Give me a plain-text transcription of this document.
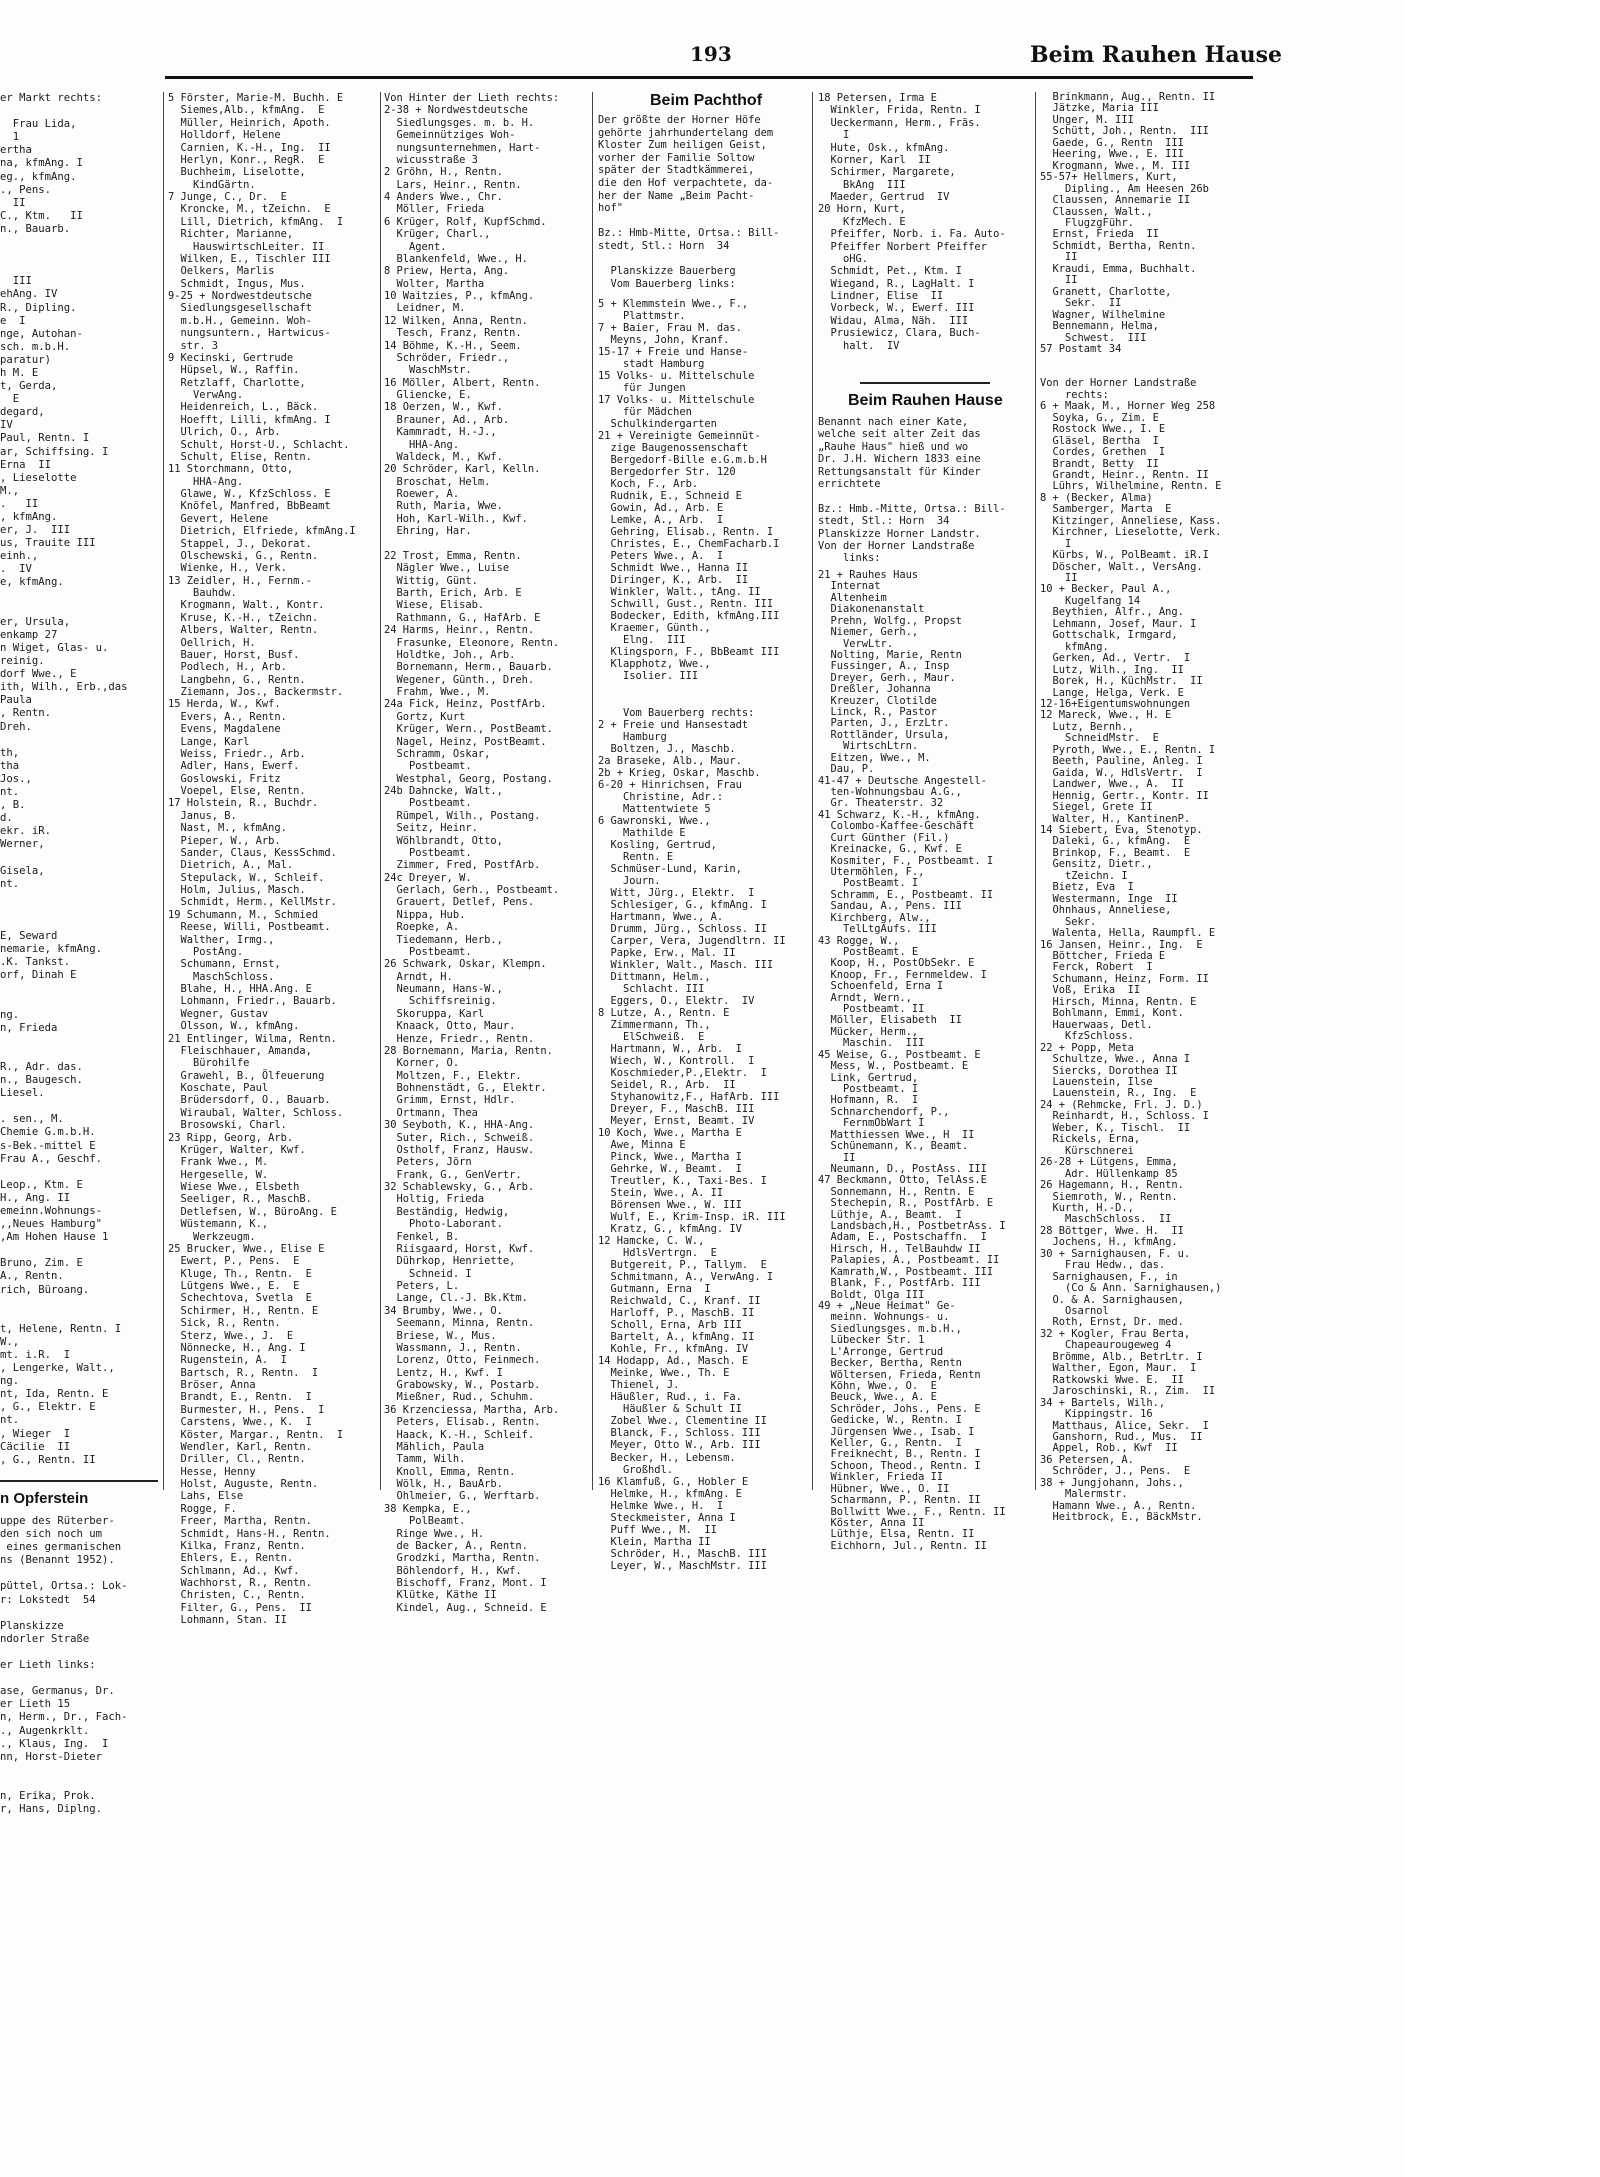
193	Beim Rauhen Hause
er Markt rechts:

Frau Lida,
1
ertha
na, kfmAng. I
eg., kfmAng.
., Pens.
II
C., Ktm.   II
n., Bauarb.

III
ehAng. IV
R., Dipling.
e  I
nge, Autohan-
sch. m.b.H.
paratur)
h M. E
t, Gerda,
E
degard,
IV
Paul, Rentn. I
ar, Schiffsing. I
Erna  II
, Lieselotte
M.,
.   II
, kfmAng.
er, J.  III
us, Trauite III
einh.,
.  IV
e, kfmAng.

er, Ursula,
enkamp 27
n Wiget, Glas- u.
reinig.
dorf Wwe., E
ith, Wilh., Erb.,das
Paula
, Rentn.
Dreh.

th,
tha
Jos.,
nt.
, B.
d.
ekr. iR.
Werner,

Gisela,
nt.

E, Seward
nemarie, kfmAng.
.K. Tankst.
orf, Dinah E

ng.
n, Frieda

R., Adr. das.
n., Baugesch.
Liesel.

. sen., M.
Chemie G.m.b.H.
s-Bek.-mittel E
Frau A., Geschf.

Leop., Ktm. E
H., Ang. II
emeinn.Wohnungs-
,,Neues Hamburg"
,Am Hohen Hause 1

Bruno, Zim. E
A., Rentn.
rich, Büroang.

t, Helene, Rentn. I
W.,
mt. i.R.  I
, Lengerke, Walt.,
ng.
nt, Ida, Rentn. E
, G., Elektr. E
nt.
, Wieger  I
Cäcilie  II
, G., Rentn. II
n Opferstein
uppe des Rüterber-
den sich noch um
eines germanischen
ns (Benannt 1952).

püttel, Ortsa.: Lok-
r: Lokstedt  54

Planskizze
ndorler Straße

er Lieth links:

ase, Germanus, Dr.
er Lieth 15
n, Herm., Dr., Fach-
., Augenkrklt.
., Klaus, Ing.  I
nn, Horst-Dieter

n, Erika, Prok.
r, Hans, Diplng.
5 Förster, Marie-M. Buchh. E
Siemes,Alb., kfmAng.  E
Müller, Heinrich, Apoth.
Holldorf, Helene
Carnien, K.-H., Ing.  II
Herlyn, Konr., RegR.  E
Buchheim, Liselotte,
KindGärtn.
7 Junge, C., Dr.  E
Kroncke, M., tZeichn.  E
Lill, Dietrich, kfmAng.  I
Richter, Marianne,
HauswirtschLeiter. II
Wilken, E., Tischler III
Oelkers, Marlis
Schmidt, Ingus, Mus.
9-25 + Nordwestdeutsche
Siedlungsgesellschaft
m.b.H., Gemeinn. Woh-
nungsuntern., Hartwicus-
str. 3
9 Kecinski, Gertrude
Hüpsel, W., Raffin.
Retzlaff, Charlotte,
VerwAng.
Heidenreich, L., Bäck.
Hoefft, Lilli, kfmAng. I
Ulrich, O., Arb.
Schult, Horst-U., Schlacht.
Schult, Elise, Rentn.
11 Storchmann, Otto,
HHA-Ang.
Glawe, W., KfzSchloss. E
Knöfel, Manfred, BbBeamt
Gevert, Helene
Dietrich, Elfriede, kfmAng.I
Stappel, J., Dekorat.
Olschewski, G., Rentn.
Wienke, H., Verk.
13 Zeidler, H., Fernm.-
Bauhdw.
Krogmann, Walt., Kontr.
Kruse, K.-H., tZeichn.
Albers, Walter, Rentn.
Oellrich, H.
Bauer, Horst, Busf.
Podlech, H., Arb.
Langbehn, G., Rentn.
Ziemann, Jos., Backermstr.
15 Herda, W., Kwf.
Evers, A., Rentn.
Evens, Magdalene
Lange, Karl
Weiss, Friedr., Arb.
Adler, Hans, Ewerf.
Goslowski, Fritz
Voepel, Else, Rentn.
17 Holstein, R., Buchdr.
Janus, B.
Nast, M., kfmAng.
Pieper, W., Arb.
Sander, Claus, KessSchmd.
Dietrich, A., Mal.
Stepulack, W., Schleif.
Holm, Julius, Masch.
Schmidt, Herm., KellMstr.
19 Schumann, M., Schmied
Reese, Willi, Postbeamt.
Walther, Irmg.,
PostAng.
Schumann, Ernst,
MaschSchloss.
Blahe, H., HHA.Ang. E
Lohmann, Friedr., Bauarb.
Wegner, Gustav
Olsson, W., kfmAng.
21 Entlinger, Wilma, Rentn.
Fleischhauer, Amanda,
Bürohilfe
Grawehl, B., Ölfeuerung
Koschate, Paul
Brüdersdorf, O., Bauarb.
Wiraubal, Walter, Schloss.
Brosowski, Charl.
23 Ripp, Georg, Arb.
Krüger, Walter, Kwf.
Frank Wwe., M.
Hergeselle, W.
Wiese Wwe., Elsbeth
Seeliger, R., MaschB.
Detlefsen, W., BüroAng. E
Wüstemann, K.,
Werkzeugm.
25 Brucker, Wwe., Elise E
Ewert, P., Pens.  E
Kluge, Th., Rentn.  E
Lütgens Wwe., E.  E
Schechtova, Svetla  E
Schirmer, H., Rentn. E
Sick, R., Rentn.
Sterz, Wwe., J.  E
Nönnecke, H., Ang. I
Rugenstein, A.  I
Bartsch, R., Rentn.  I
Bröser, Anna
Brandt, E., Rentn.  I
Burmester, H., Pens.  I
Carstens, Wwe., K.  I
Köster, Margar., Rentn.  I
Wendler, Karl, Rentn.
Driller, Cl., Rentn.
Hesse, Henny
Holst, Auguste, Rentn.
Lahs, Else
Rogge, F.
Freer, Martha, Rentn.
Schmidt, Hans-H., Rentn.
Kilka, Franz, Rentn.
Ehlers, E., Rentn.
Schlmann, Ad., Kwf.
Wachhorst, R., Rentn.
Christen, C., Rentn.
Filter, G., Pens.  II
Lohmann, Stan. II
Von Hinter der Lieth rechts:
2-38 + Nordwestdeutsche
Siedlungsges. m. b. H.
Gemeinnütziges Woh-
nungsunternehmen, Hart-
wicusstraße 3
2 Gröhn, H., Rentn.
Lars, Heinr., Rentn.
4 Anders Wwe., Chr.
Möller, Frieda
6 Krüger, Rolf, KupfSchmd.
Krüger, Charl.,
Agent.
Blankenfeld, Wwe., H.
8 Priew, Herta, Ang.
Wolter, Martha
10 Waitzies, P., kfmAng.
Leidner, M.
12 Wilken, Anna, Rentn.
Tesch, Franz, Rentn.
14 Böhme, K.-H., Seem.
Schröder, Friedr.,
WaschMstr.
16 Möller, Albert, Rentn.
Gliencke, E.
18 Oerzen, W., Kwf.
Brauner, Ad., Arb.
Kammradt, H.-J.,
HHA-Ang.
Waldeck, M., Kwf.
20 Schröder, Karl, Kelln.
Broschat, Helm.
Roewer, A.
Ruth, Maria, Wwe.
Hoh, Karl-Wilh., Kwf.
Ehring, Har.

22 Trost, Emma, Rentn.
Nägler Wwe., Luise
Wittig, Günt.
Barth, Erich, Arb. E
Wiese, Elisab.
Rathmann, G., HafArb. E
24 Harms, Heinr., Rentn.
Frasunke, Eleonore, Rentn.
Holdtke, Joh., Arb.
Bornemann, Herm., Bauarb.
Wegener, Günth., Dreh.
Frahm, Wwe., M.
24a Fick, Heinz, PostfArb.
Gortz, Kurt
Krüger, Wern., PostBeamt.
Nagel, Heinz, PostBeamt.
Schramm, Oskar,
Postbeamt.
Westphal, Georg, Postang.
24b Dahncke, Walt.,
Postbeamt.
Rümpel, Wilh., Postang.
Seitz, Heinr.
Wöhlbrandt, Otto,
Postbeamt.
Zimmer, Fred, PostfArb.
24c Dreyer, W.
Gerlach, Gerh., Postbeamt.
Grauert, Detlef, Pens.
Nippa, Hub.
Roepke, A.
Tiedemann, Herb.,
Postbeamt.
26 Schwark, Oskar, Klempn.
Arndt, H.
Neumann, Hans-W.,
Schiffsreinig.
Skoruppa, Karl
Knaack, Otto, Maur.
Henze, Friedr., Rentn.
28 Bornemann, Maria, Rentn.
Korner, O.
Moltzen, F., Elektr.
Bohnenstädt, G., Elektr.
Grimm, Ernst, Hdlr.
Ortmann, Thea
30 Seyboth, K., HHA-Ang.
Suter, Rich., Schweiß.
Ostholf, Franz, Hausw.
Peters, Jörn
Frank, G., GenVertr.
32 Schablewsky, G., Arb.
Holtig, Frieda
Beständig, Hedwig,
Photo-Laborant.
Fenkel, B.
Riisgaard, Horst, Kwf.
Dührkop, Henriette,
Schneid. I
Peters, L.
Lange, Cl.-J. Bk.Ktm.
34 Brumby, Wwe., O.
Seemann, Minna, Rentn.
Briese, W., Mus.
Wassmann, J., Rentn.
Lorenz, Otto, Feinmech.
Lentz, H., Kwf. I
Grabowsky, W., Postarb.
Mießner, Rud., Schuhm.
36 Krzenciessa, Martha, Arb.
Peters, Elisab., Rentn.
Haack, K.-H., Schleif.
Mählich, Paula
Tamm, Wilh.
Knoll, Emma, Rentn.
Wölk, H., BauArb.
Ohlmeier, G., Werftarb.
38 Kempka, E.,
PolBeamt.
Ringe Wwe., H.
de Backer, A., Rentn.
Grodzki, Martha, Rentn.
Böhlendorf, H., Kwf.
Bischoff, Franz, Mont. I
Klütke, Käthe II
Kindel, Aug., Schneid. E
Beim Pachthof
Der größte der Horner Höfe
gehörte jahrhundertelang dem
Kloster Zum heiligen Geist,
vorher der Familie Soltow
später der Stadtkämmerei,
die den Hof verpachtete, da-
her der Name „Beim Pacht-
hof"

Bz.: Hmb-Mitte, Ortsa.: Bill-
stedt, Stl.: Horn  34

Planskizze Bauerberg
Vom Bauerberg links:
5 + Klemmstein Wwe., F.,
Plattmstr.
7 + Baier, Frau M. das.
Meyns, John, Kranf.
15-17 + Freie und Hanse-
stadt Hamburg
15 Volks- u. Mittelschule
für Jungen
17 Volks- u. Mittelschule
für Mädchen
Schulkindergarten
21 + Vereinigte Gemeinnüt-
zige Baugenossenschaft
Bergedorf-Bille e.G.m.b.H
Bergedorfer Str. 120
Koch, F., Arb.
Rudnik, E., Schneid E
Gowin, Ad., Arb. E
Lemke, A., Arb.  I
Gehring, Elisab., Rentn. I
Christes, E., ChemFacharb.I
Peters Wwe., A.  I
Schmidt Wwe., Hanna II
Diringer, K., Arb.  II
Winkler, Walt., tAng. II
Schwill, Gust., Rentn. III
Bodecker, Edith, kfmAng.III
Kraemer, Günth.,
Elng.  III
Klingsporn, F., BbBeamt III
Klapphotz, Wwe.,
Isolier. III

Vom Bauerberg rechts:
2 + Freie und Hansestadt
Hamburg
Boltzen, J., Maschb.
2a Braseke, Alb., Maur.
2b + Krieg, Oskar, Maschb.
6-20 + Hinrichsen, Frau
Christine, Adr.:
Mattentwiete 5
6 Gawronski, Wwe.,
Mathilde E
Kosling, Gertrud,
Rentn. E
Schmüser-Lund, Karin,
Journ.
Witt, Jürg., Elektr.  I
Schlesiger, G., kfmAng. I
Hartmann, Wwe., A.
Drumm, Jürg., Schloss. II
Carper, Vera, Jugendltrn. II
Papke, Erw., Mal. II
Winkler, Walt., Masch. III
Dittmann, Helm.,
Schlacht. III
Eggers, O., Elektr.  IV
8 Lutze, A., Rentn. E
Zimmermann, Th.,
ElSchweiß.  E
Hartmann, W., Arb.  I
Wiech, W., Kontroll.  I
Koschmieder,P.,Elektr.  I
Seidel, R., Arb.  II
Styhanowitz,F., HafArb. III
Dreyer, F., MaschB. III
Meyer, Ernst, Beamt. IV
10 Koch, Wwe., Martha E
Awe, Minna E
Pinck, Wwe., Martha I
Gehrke, W., Beamt.  I
Treutler, K., Taxi-Bes. I
Stein, Wwe., A. II
Börensen Wwe., W. III
Wulf, E., Krim-Insp. iR. III
Kratz, G., kfmAng. IV
12 Hamcke, C. W.,
HdlsVertrgn.  E
Butgereit, P., Tallym.  E
Schmitmann, A., VerwAng. I
Gutmann, Erna  I
Reichwald, C., Kranf. II
Harloff, P., MaschB. II
Scholl, Erna, Arb III
Bartelt, A., kfmAng. II
Kohle, Fr., kfmAng. IV
14 Hodapp, Ad., Masch. E
Meinke, Wwe., Th. E
Thienel, J.
Häußler, Rud., i. Fa.
Häußler & Schult II
Zobel Wwe., Clementine II
Blanck, F., Schloss. III
Meyer, Otto W., Arb. III
Becker, H., Lebensm.
Großhdl.
16 Klamfuß, G., Hobler E
Helmke, H., kfmAng. E
Helmke Wwe., H.  I
Steckmeister, Anna I
Puff Wwe., M.  II
Klein, Martha II
Schröder, H., MaschB. III
Leyer, W., MaschMstr. III
18 Petersen, Irma E
Winkler, Frida, Rentn. I
Ueckermann, Herm., Fräs.
I
Hute, Osk., kfmAng.
Korner, Karl  II
Schirmer, Margarete,
BkAng  III
Maeder, Gertrud  IV
20 Horn, Kurt,
KfzMech. E
Pfeiffer, Norb. i. Fa. Auto-
Pfeiffer Norbert Pfeiffer
oHG.
Schmidt, Pet., Ktm. I
Wiegand, R., LagHalt. I
Lindner, Elise  II
Vorbeck, W., Ewerf. III
Widau, Alma, Näh.  III
Prusiewicz, Clara, Buch-
halt.  IV
Beim Rauhen Hause
Benannt nach einer Kate,
welche seit alter Zeit das
„Rauhe Haus" hieß und wo
Dr. J.H. Wichern 1833 eine
Rettungsanstalt für Kinder
errichtete

Bz.: Hmb.-Mitte, Ortsa.: Bill-
stedt, Stl.: Horn  34
Planskizze Horner Landstr.
Von der Horner Landstraße
links:
21 + Rauhes Haus
Internat
Altenheim
Diakonenanstalt
Prehn, Wolfg., Propst
Niemer, Gerh.,
VerwLtr.
Nolting, Marie, Rentn
Fussinger, A., Insp
Dreyer, Gerh., Maur.
Dreßler, Johanna
Kreuzer, Clotilde
Linck, R., Pastor
Parten, J., ErzLtr.
Rottländer, Ursula,
WirtschLtrn.
Eitzen, Wwe., M.
Dau, P.
41-47 + Deutsche Angestell-
ten-Wohnungsbau A.G.,
Gr. Theaterstr. 32
41 Schwarz, K.-H., kfmAng.
Colombo-Kaffee-Geschäft
Curt Günther (Fil.)
Kreinacke, G., Kwf. E
Kosmiter, F., Postbeamt. I
Utermöhlen, F.,
PostBeamt. I
Schramm, E., Postbeamt. II
Sandau, A., Pens. III
Kirchberg, Alw.,
TelLtgAufs. III
43 Rogge, W.,
PostBeamt. E
Koop, H., PostObSekr. E
Knoop, Fr., Fernmeldew. I
Schoenfeld, Erna I
Arndt, Wern.,
Postbeamt. II
Möller, Elisabeth  II
Mücker, Herm.,
Maschin.  III
45 Weise, G., Postbeamt. E
Mess, W., Postbeamt. E
Link, Gertrud,
Postbeamt. I
Hofmann, R.  I
Schnarchendorf, P.,
FernmObWart I
Matthiessen Wwe., H  II
Schünemann, K., Beamt.
II
Neumann, D., PostAss. III
47 Beckmann, Otto, TelAss.E
Sonnemann, H., Rentn. E
Stechepin, R., PostfArb. E
Lüthje, A., Beamt.  I
Landsbach,H., PostbetrAss. I
Adam, E., Postschaffn.  I
Hirsch, H., TelBauhdw II
Palapies, A., Postbeamt. II
Kamrath,W., Postbeamt. III
Blank, F., PostfArb. III
Boldt, Olga III
49 + „Neue Heimat" Ge-
meinn. Wohnungs- u.
Siedlungsges. m.b.H.,
Lübecker Str. 1
L'Arronge, Gertrud
Becker, Bertha, Rentn
Wöltersen, Frieda, Rentn
Köhn, Wwe., O.  E
Beuck, Wwe., A. E
Schröder, Johs., Pens. E
Gedicke, W., Rentn. I
Jürgensen Wwe., Isab. I
Keller, G., Rentn.  I
Freiknecht, B., Rentn. I
Schoon, Theod., Rentn. I
Winkler, Frieda II
Hübner, Wwe., O. II
Scharmann, P., Rentn. II
Bollwitt Wwe., F., Rentn. II
Köster, Anna II
Lüthje, Elsa, Rentn. II
Eichhorn, Jul., Rentn. II
Brinkmann, Aug., Rentn. II
Jätzke, Maria III
Unger, M. III
Schütt, Joh., Rentn.  III
Gaede, G., Rentn  III
Heering, Wwe., E. III
Krogmann, Wwe., M. III
55-57+ Hellmers, Kurt,
Dipling., Am Heesen 26b
Claussen, Annemarie II
Claussen, Walt.,
FlugzgFühr.
Ernst, Frieda  II
Schmidt, Bertha, Rentn.
II
Kraudi, Emma, Buchhalt.
II
Granett, Charlotte,
Sekr.  II
Wagner, Wilhelmine
Bennemann, Helma,
Schwest.  III
57 Postamt 34

Von der Horner Landstraße
rechts:
6 + Maak, M., Horner Weg 258
Soyka, G., Zim. E
Rostock Wwe., I. E
Gläsel, Bertha  I
Cordes, Grethen  I
Brandt, Betty  II
Grandt, Heinr., Rentn. II
Lührs, Wilhelmine, Rentn. E
8 + (Becker, Alma)
Samberger, Marta  E
Kitzinger, Anneliese, Kass.
Kirchner, Lieselotte, Verk.
I
Kürbs, W., PolBeamt. iR.I
Döscher, Walt., VersAng.
II
10 + Becker, Paul A.,
Kugelfang 14
Beythien, Alfr., Ang.
Lehmann, Josef, Maur. I
Gottschalk, Irmgard,
kfmAng.
Gerken, Ad., Vertr.  I
Lutz, Wilh., Ing.  II
Borek, H., KüchMstr.  II
Lange, Helga, Verk. E
12-16+Eigentumswohnungen
12 Mareck, Wwe., H. E
Lutz, Bernh.,
SchneidMstr.  E
Pyroth, Wwe., E., Rentn. I
Beeth, Pauline, Anleg. I
Gaida, W., HdlsVertr.  I
Landwer, Wwe., A.  II
Hennig, Gertr., Kontr. II
Siegel, Grete II
Walter, H., KantinenP.
14 Siebert, Eva, Stenotyp.
Daleki, G., kfmAng.  E
Brinkop, F., Beamt.  E
Gensitz, Dietr.,
tZeichn. I
Bietz, Eva  I
Westermann, Inge  II
Ohnhaus, Anneliese,
Sekr.
Walenta, Hella, Raumpfl. E
16 Jansen, Heinr., Ing.  E
Böttcher, Frieda E
Ferck, Robert  I
Schumann, Heinz, Form. II
Voß, Erika  II
Hirsch, Minna, Rentn. E
Bohlmann, Emmi, Kont.
Hauerwaas, Detl.
KfzSchloss.
22 + Popp, Meta
Schultze, Wwe., Anna I
Siercks, Dorothea II
Lauenstein, Ilse
Lauenstein, R., Ing.  E
24 + (Rehmcke, Frl. J. D.)
Reinhardt, H., Schloss. I
Weber, K., Tischl.  II
Rickels, Erna,
Kürschnerei
26-28 + Lütgens, Emma,
Adr. Hüllenkamp 85
26 Hagemann, H., Rentn.
Siemroth, W., Rentn.
Kurth, H.-D.,
MaschSchloss.  II
28 Böttger, Wwe. H.  II
Jochens, H., kfmAng.
30 + Sarnighausen, F. u.
Frau Hedw., das.
Sarnighausen, F., in
(Co & Ann. Sarnighausen,)
O. & A. Sarnighausen,
Osarnol
Roth, Ernst, Dr. med.
32 + Kogler, Frau Berta,
Chapeaurougeweg 4
Brömme, Alb., BetrLtr. I
Walther, Egon, Maur.  I
Ratkowski Wwe. E.  II
Jaroschinski, R., Zim.  II
34 + Bartels, Wilh.,
Kippingstr. 16
Matthaus, Alice, Sekr.  I
Ganshorn, Rud., Mus.  II
Appel, Rob., Kwf  II
36 Petersen, A.
Schröder, J., Pens.  E
38 + Jungjohann, Johs.,
Malermstr.
Hamann Wwe., A., Rentn.
Heitbrock, E., BäckMstr.
